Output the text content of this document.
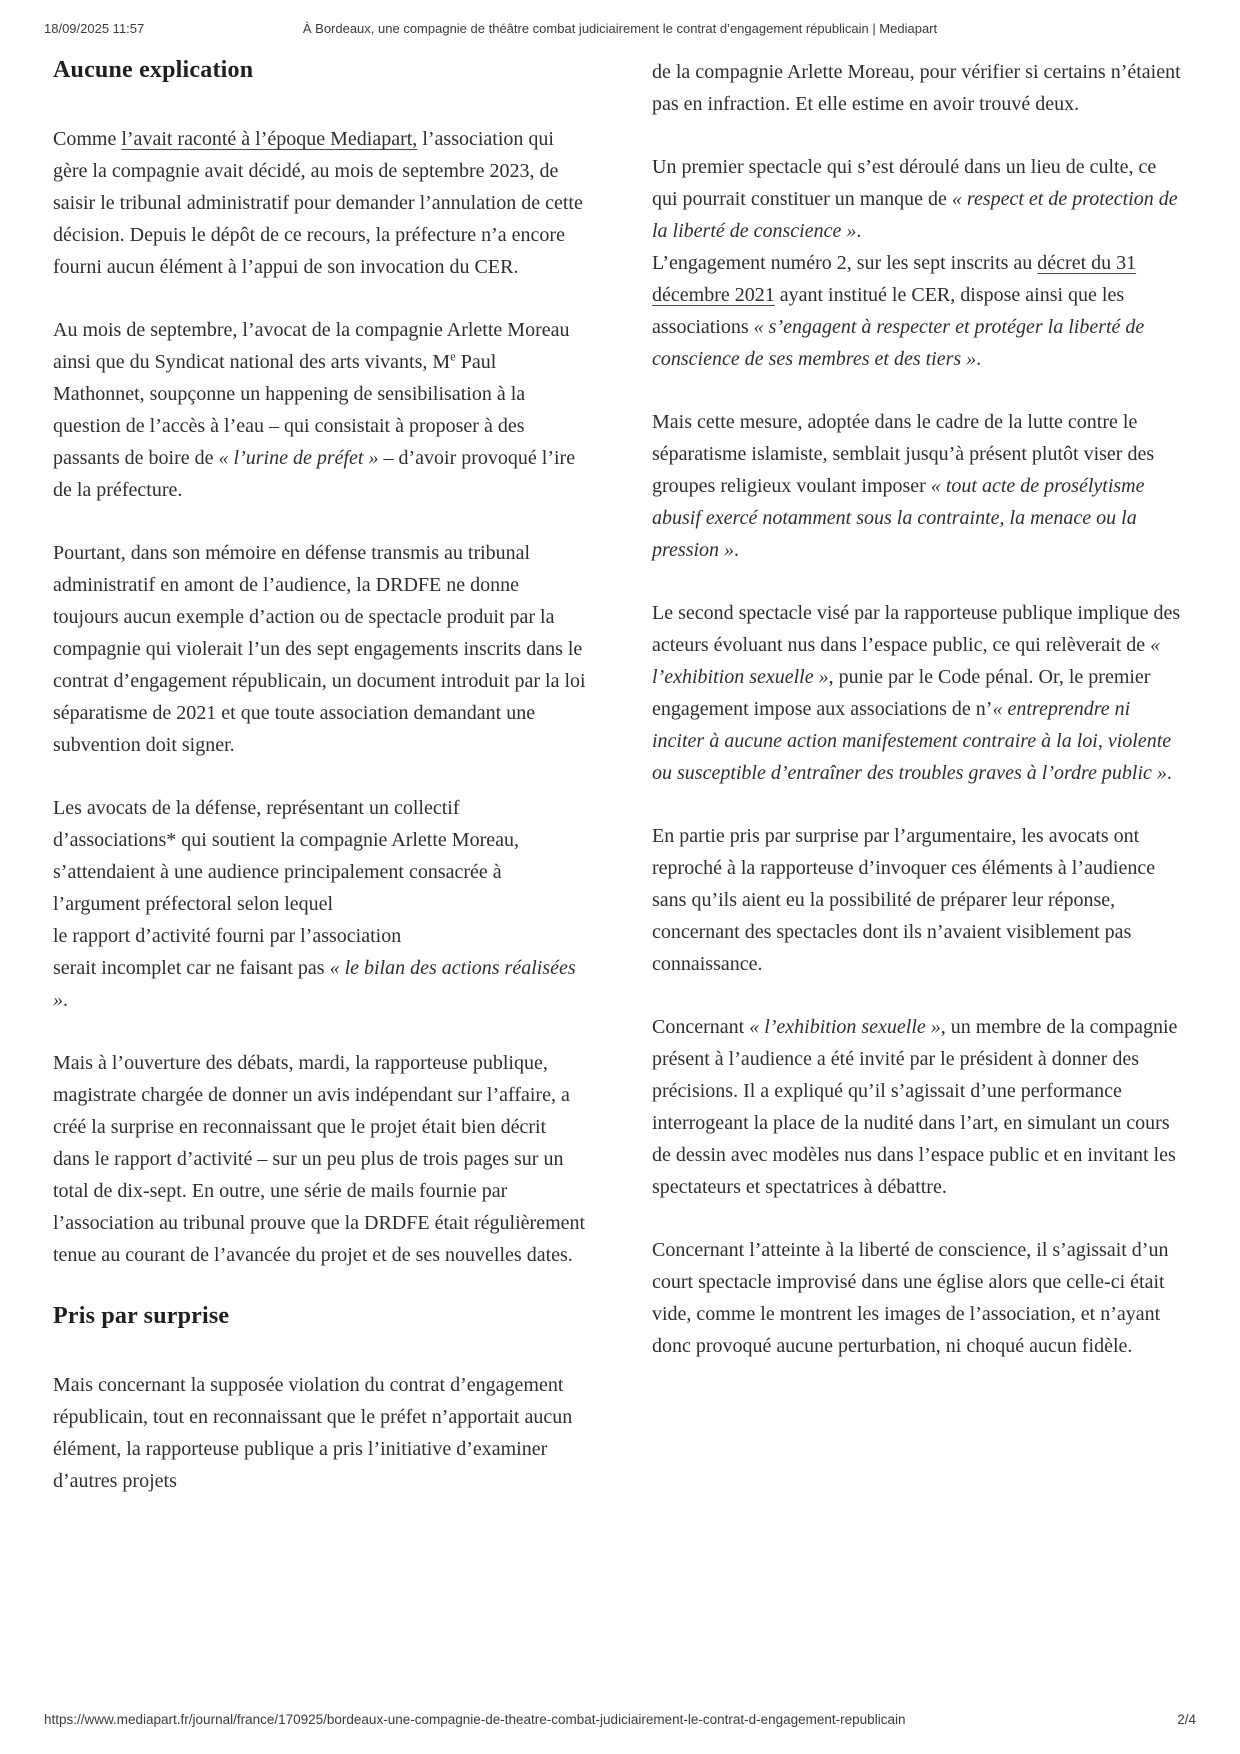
18/09/2025 11:57	À Bordeaux, une compagnie de théâtre combat judiciairement le contrat d’engagement républicain | Mediapart
Aucune explication

Comme l’avait raconté à l’époque Mediapart, l’association qui gère la compagnie avait décidé, au mois de septembre 2023, de saisir le tribunal administratif pour demander l’annulation de cette décision. Depuis le dépôt de ce recours, la préfecture n’a encore fourni aucun élément à l’appui de son invocation du CER.

Au mois de septembre, l’avocat de la compagnie Arlette Moreau ainsi que du Syndicat national des arts vivants, Me Paul Mathonnet, soupçonne un happening de sensibilisation à la question de l’accès à l’eau – qui consistait à proposer à des passants de boire de « l’urine de préfet » – d’avoir provoqué l’ire de la préfecture.

Pourtant, dans son mémoire en défense transmis au tribunal administratif en amont de l’audience, la DRDFE ne donne toujours aucun exemple d’action ou de spectacle produit par la compagnie qui violerait l’un des sept engagements inscrits dans le contrat d’engagement républicain, un document introduit par la loi séparatisme de 2021 et que toute association demandant une subvention doit signer.

Les avocats de la défense, représentant un collectif d’associations* qui soutient la compagnie Arlette Moreau, s’attendaient à une audience principalement consacrée à l’argument préfectoral selon lequel
le rapport d’activité fourni par l’association
serait incomplet car ne faisant pas « le bilan des actions réalisées ».

Mais à l’ouverture des débats, mardi, la rapporteuse publique, magistrate chargée de donner un avis indépendant sur l’affaire, a créé la surprise en reconnaissant que le projet était bien décrit dans le rapport d’activité – sur un peu plus de trois pages sur un total de dix-sept. En outre, une série de mails fournie par l’association au tribunal prouve que la DRDFE était régulièrement tenue au courant de l’avancée du projet et de ses nouvelles dates.

Pris par surprise

Mais concernant la supposée violation du contrat d’engagement républicain, tout en reconnaissant que le préfet n’apportait aucun élément, la rapporteuse publique a pris l’initiative d’examiner d’autres projets

de la compagnie Arlette Moreau, pour vérifier si certains n’étaient pas en infraction. Et elle estime en avoir trouvé deux.

Un premier spectacle qui s’est déroulé dans un lieu de culte, ce qui pourrait constituer un manque de « respect et de protection de la liberté de conscience ».
L’engagement numéro 2, sur les sept inscrits au décret du 31 décembre 2021 ayant institué le CER, dispose ainsi que les associations « s’engagent à respecter et protéger la liberté de conscience de ses membres et des tiers ».

Mais cette mesure, adoptée dans le cadre de la lutte contre le séparatisme islamiste, semblait jusqu’à présent plutôt viser des groupes religieux voulant imposer « tout acte de prosélytisme abusif exercé notamment sous la contrainte, la menace ou la pression ».

Le second spectacle visé par la rapporteuse publique implique des acteurs évoluant nus dans l’espace public, ce qui relèverait de « l’exhibition sexuelle », punie par le Code pénal. Or, le premier engagement impose aux associations de n’« entreprendre ni inciter à aucune action manifestement contraire à la loi, violente ou susceptible d’entraîner des troubles graves à l’ordre public ».

En partie pris par surprise par l’argumentaire, les avocats ont reproché à la rapporteuse d’invoquer ces éléments à l’audience sans qu’ils aient eu la possibilité de préparer leur réponse, concernant des spectacles dont ils n’avaient visiblement pas connaissance.

Concernant « l’exhibition sexuelle », un membre de la compagnie présent à l’audience a été invité par le président à donner des précisions. Il a expliqué qu’il s’agissait d’une performance interrogeant la place de la nudité dans l’art, en simulant un cours de dessin avec modèles nus dans l’espace public et en invitant les spectateurs et spectatrices à débattre.

Concernant l’atteinte à la liberté de conscience, il s’agissait d’un court spectacle improvisé dans une église alors que celle-ci était vide, comme le montrent les images de l’association, et n’ayant donc provoqué aucune perturbation, ni choqué aucun fidèle.

https://www.mediapart.fr/journal/france/170925/bordeaux-une-compagnie-de-theatre-combat-judiciairement-le-contrat-d-engagement-republicain	2/4
